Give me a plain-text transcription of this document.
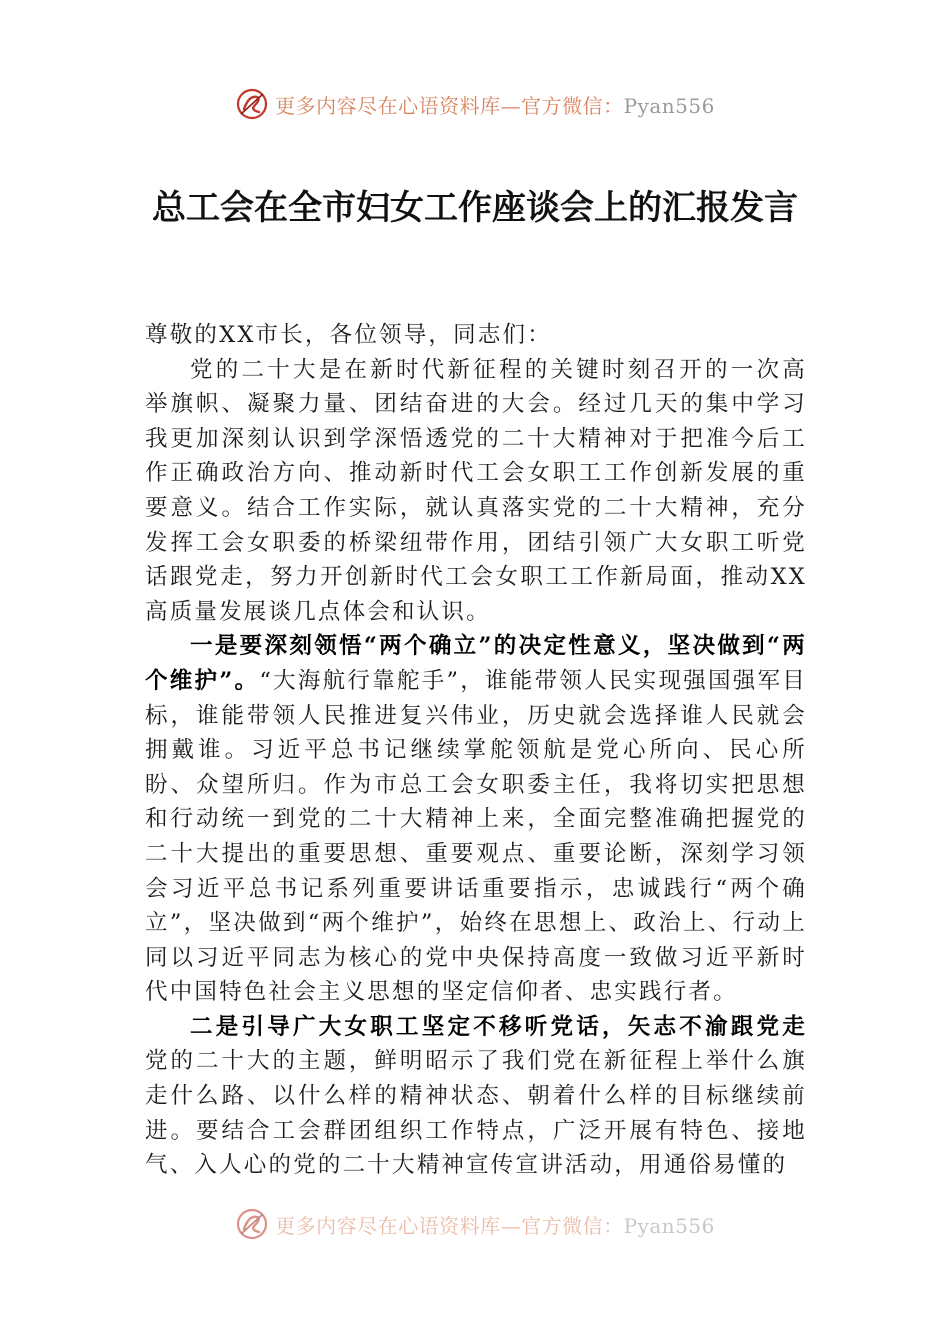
更多内容尽在心语资料库—官方微信：Pyan556
总工会在全市妇女工作座谈会上的汇报发言

尊敬的XX市长，各位领导，同志们：

党的二十大是在新时代新征程的关键时刻召开的一次高举旗帜、凝聚力量、团结奋进的大会。经过几天的集中学习我更加深刻认识到学深悟透党的二十大精神对于把准今后工作正确政治方向、推动新时代工会女职工工作创新发展的重要意义。结合工作实际，就认真落实党的二十大精神，充分发挥工会女职委的桥梁纽带作用，团结引领广大女职工听党话跟党走，努力开创新时代工会女职工工作新局面，推动XX高质量发展谈几点体会和认识。

一是要深刻领悟“两个确立”的决定性意义，坚决做到“两个维护”。“大海航行靠舵手”，谁能带领人民实现强国强军目标，谁能带领人民推进复兴伟业，历史就会选择谁人民就会拥戴谁。习近平总书记继续掌舵领航是党心所向、民心所盼、众望所归。作为市总工会女职委主任，我将切实把思想和行动统一到党的二十大精神上来，全面完整准确把握党的二十大提出的重要思想、重要观点、重要论断，深刻学习领会习近平总书记系列重要讲话重要指示，忠诚践行“两个确立”，坚决做到“两个维护”，始终在思想上、政治上、行动上同以习近平同志为核心的党中央保持高度一致做习近平新时代中国特色社会主义思想的坚定信仰者、忠实践行者。

二是引导广大女职工坚定不移听党话，矢志不渝跟党走党的二十大的主题，鲜明昭示了我们党在新征程上举什么旗走什么路、以什么样的精神状态、朝着什么样的目标继续前进。要结合工会群团组织工作特点，广泛开展有特色、接地气、入人心的党的二十大精神宣传宣讲活动，用通俗易懂的

更多内容尽在心语资料库—官方微信：Pyan556
